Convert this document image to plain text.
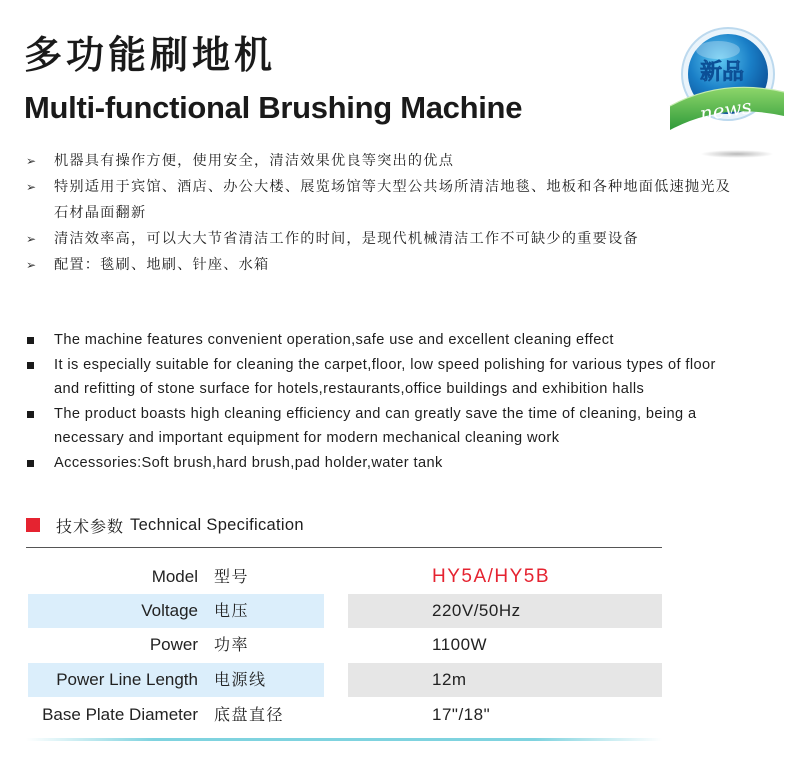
多功能刷地机
Multi-functional Brushing Machine
新品
news
➢ 机器具有操作方便，使用安全，清洁效果优良等突出的优点
➢ 特别适用于宾馆、酒店、办公大楼、展览场馆等大型公共场所清洁地毯、地板和各种地面低速抛光及石材晶面翻新
➢ 清洁效率高，可以大大节省清洁工作的时间，是现代机械清洁工作不可缺少的重要设备
➢ 配置：毯刷、地刷、针座、水箱
The machine features convenient operation,safe use and excellent cleaning effect
It is especially suitable for cleaning the carpet,floor, low speed polishing for various types of floor and refitting of stone surface for hotels,restaurants,office buildings and exhibition halls
The product boasts high cleaning efficiency and can greatly save the time of cleaning, being a necessary and important equipment for modern mechanical cleaning work
Accessories:Soft brush,hard brush,pad holder,water tank
技术参数 Technical Specification
Model 型号	HY5A/HY5B
Voltage 电压	220V/50Hz
Power 功率	1100W
Power Line Length 电源线	12m
Base Plate Diameter 底盘直径	17"/18"
